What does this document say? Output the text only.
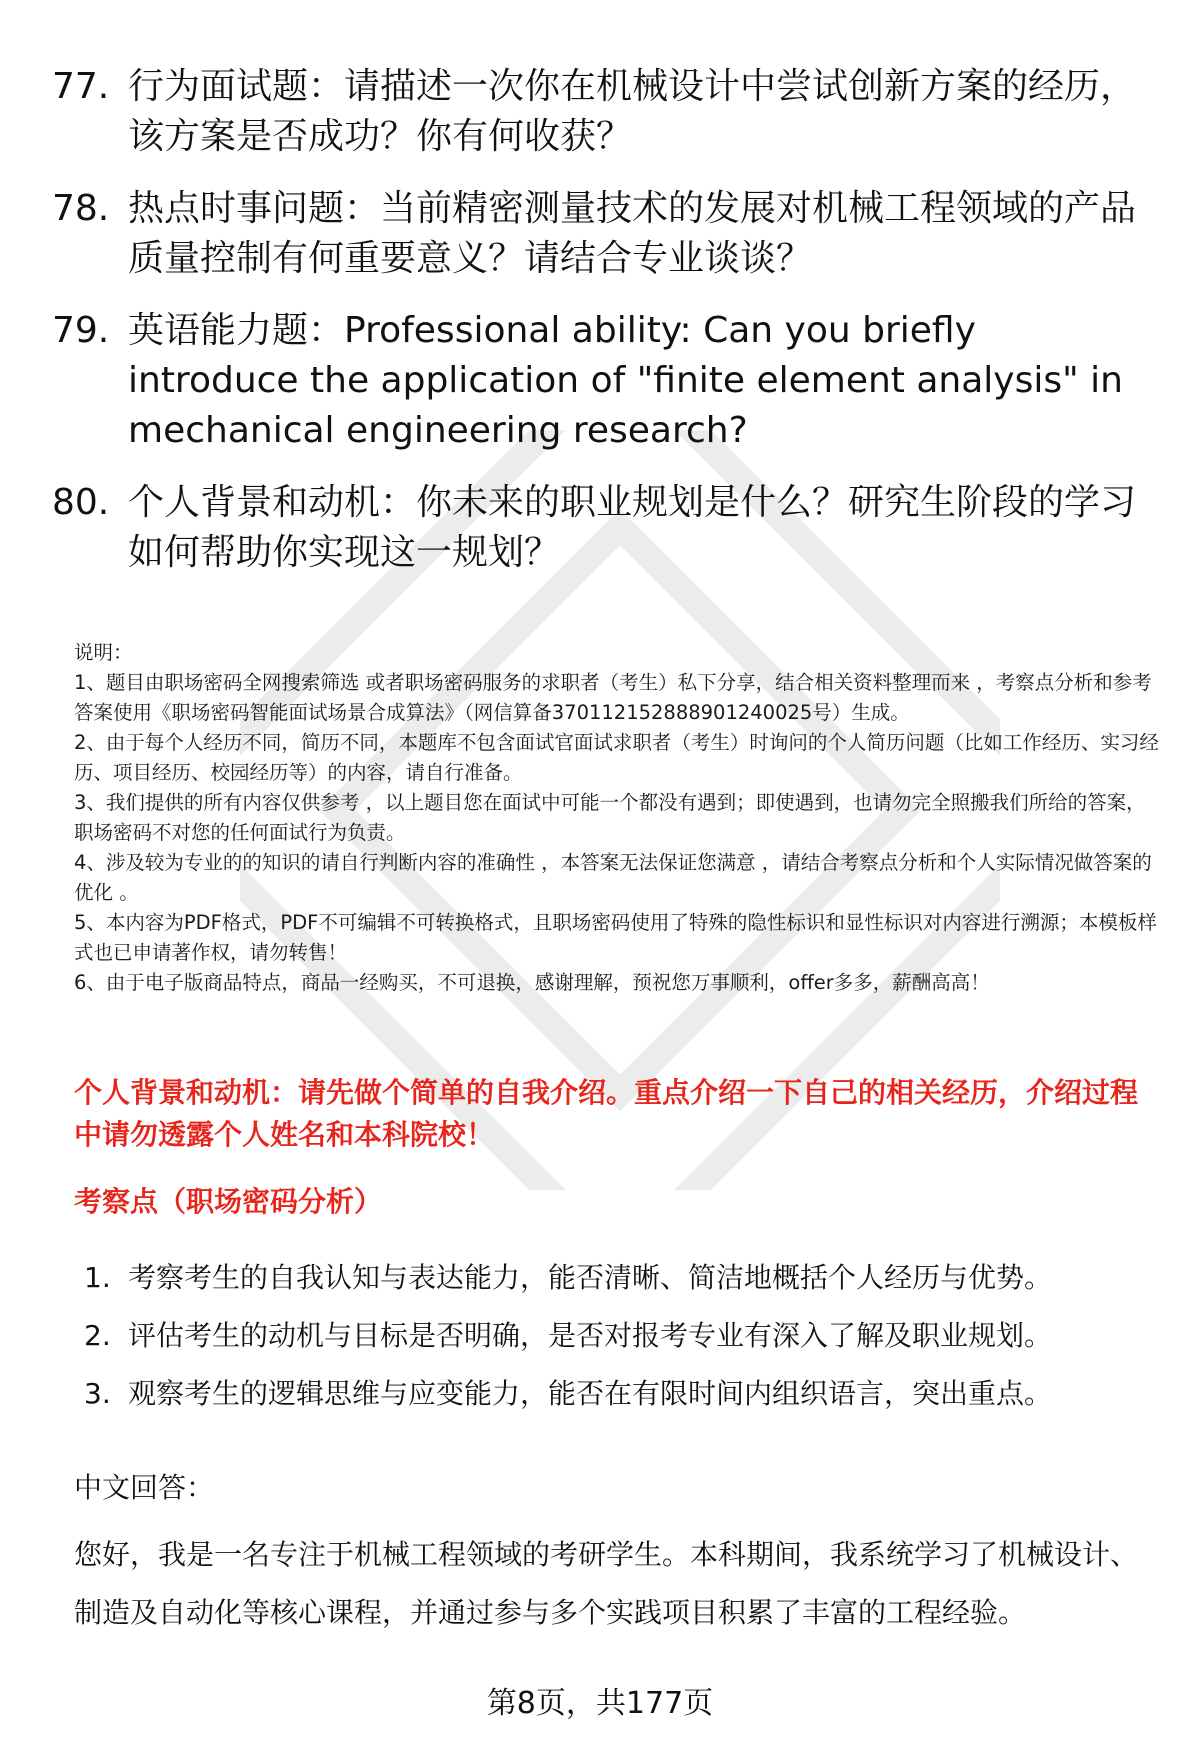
77. 行为面试题：请描述一次你在机械设计中尝试创新方案的经历，该方案是否成功？你有何收获？
78. 热点时事问题：当前精密测量技术的发展对机械工程领域的产品质量控制有何重要意义？请结合专业谈谈？
79. 英语能力题：Professional ability: Can you briefly introduce the application of "finite element analysis" in mechanical engineering research?
80. 个人背景和动机：你未来的职业规划是什么？研究生阶段的学习如何帮助你实现这一规划？

说明：

1、题目由职场密码全网搜索筛选 或者职场密码服务的求职者（考生）私下分享，结合相关资料整理而来 ，考察点分析和参考答案使用《职场密码智能面试场景合成算法》（网信算备370112152888901240025号）生成。

2、由于每个人经历不同，简历不同，本题库不包含面试官面试求职者（考生）时询问的个人简历问题（比如工作经历、实习经历、项目经历、校园经历等）的内容，请自行准备。

3、我们提供的所有内容仅供参考 ，以上题目您在面试中可能一个都没有遇到；即使遇到，也请勿完全照搬我们所给的答案，职场密码不对您的任何面试行为负责。

4、涉及较为专业的的知识的请自行判断内容的准确性 ，本答案无法保证您满意 ，请结合考察点分析和个人实际情况做答案的优化 。

5、本内容为PDF格式，PDF不可编辑不可转换格式，且职场密码使用了特殊的隐性标识和显性标识对内容进行溯源；本模板样式也已申请著作权，请勿转售！

6、由于电子版商品特点，商品一经购买，不可退换，感谢理解，预祝您万事顺利，offer多多，薪酬高高！

个人背景和动机：请先做个简单的自我介绍。重点介绍一下自己的相关经历，介绍过程中请勿透露个人姓名和本科院校！
考察点（职场密码分析）
1. 考察考生的自我认知与表达能力，能否清晰、简洁地概括个人经历与优势。
2. 评估考生的动机与目标是否明确，是否对报考专业有深入了解及职业规划。
3. 观察考生的逻辑思维与应变能力，能否在有限时间内组织语言，突出重点。
中文回答：
您好，我是一名专注于机械工程领域的考研学生。本科期间，我系统学习了机械设计、制造及自动化等核心课程，并通过参与多个实践项目积累了丰富的工程经验。
第8页，共177页
